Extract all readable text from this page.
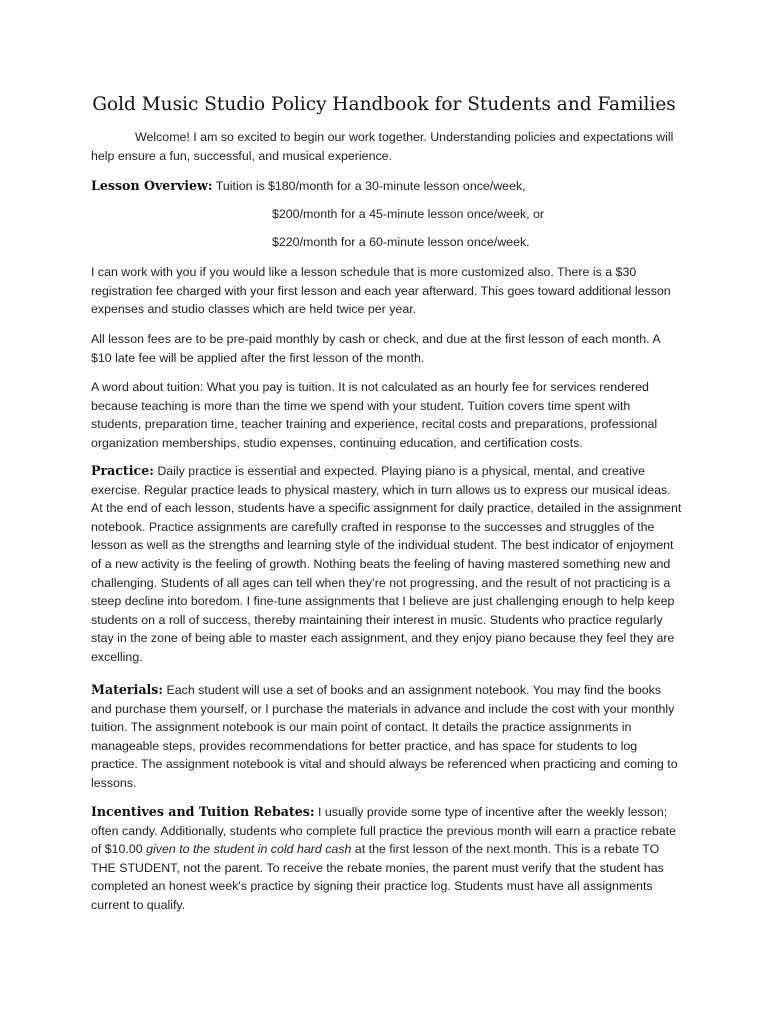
Gold Music Studio Policy Handbook for Students and Families
Welcome! I am so excited to begin our work together. Understanding policies and expectations will help ensure a fun, successful, and musical experience.
Lesson Overview: Tuition is $180/month for a 30-minute lesson once/week,
$200/month for a 45-minute lesson once/week, or
$220/month for a 60-minute lesson once/week.
I can work with you if you would like a lesson schedule that is more customized also. There is a $30 registration fee charged with your first lesson and each year afterward. This goes toward additional lesson expenses and studio classes which are held twice per year.
All lesson fees are to be pre-paid monthly by cash or check, and due at the first lesson of each month. A $10 late fee will be applied after the first lesson of the month.
A word about tuition: What you pay is tuition. It is not calculated as an hourly fee for services rendered because teaching is more than the time we spend with your student. Tuition covers time spent with students, preparation time, teacher training and experience, recital costs and preparations, professional organization memberships, studio expenses, continuing education, and certification costs.
Practice: Daily practice is essential and expected. Playing piano is a physical, mental, and creative exercise. Regular practice leads to physical mastery, which in turn allows us to express our musical ideas. At the end of each lesson, students have a specific assignment for daily practice, detailed in the assignment notebook. Practice assignments are carefully crafted in response to the successes and struggles of the lesson as well as the strengths and learning style of the individual student. The best indicator of enjoyment of a new activity is the feeling of growth. Nothing beats the feeling of having mastered something new and challenging. Students of all ages can tell when they’re not progressing, and the result of not practicing is a steep decline into boredom. I fine-tune assignments that I believe are just challenging enough to help keep students on a roll of success, thereby maintaining their interest in music. Students who practice regularly stay in the zone of being able to master each assignment, and they enjoy piano because they feel they are excelling.
Materials: Each student will use a set of books and an assignment notebook. You may find the books and purchase them yourself, or I purchase the materials in advance and include the cost with your monthly tuition. The assignment notebook is our main point of contact. It details the practice assignments in manageable steps, provides recommendations for better practice, and has space for students to log practice. The assignment notebook is vital and should always be referenced when practicing and coming to lessons.
Incentives and Tuition Rebates: I usually provide some type of incentive after the weekly lesson; often candy. Additionally, students who complete full practice the previous month will earn a practice rebate of $10.00 given to the student in cold hard cash at the first lesson of the next month. This is a rebate TO THE STUDENT, not the parent. To receive the rebate monies, the parent must verify that the student has completed an honest week's practice by signing their practice log. Students must have all assignments current to qualify.
